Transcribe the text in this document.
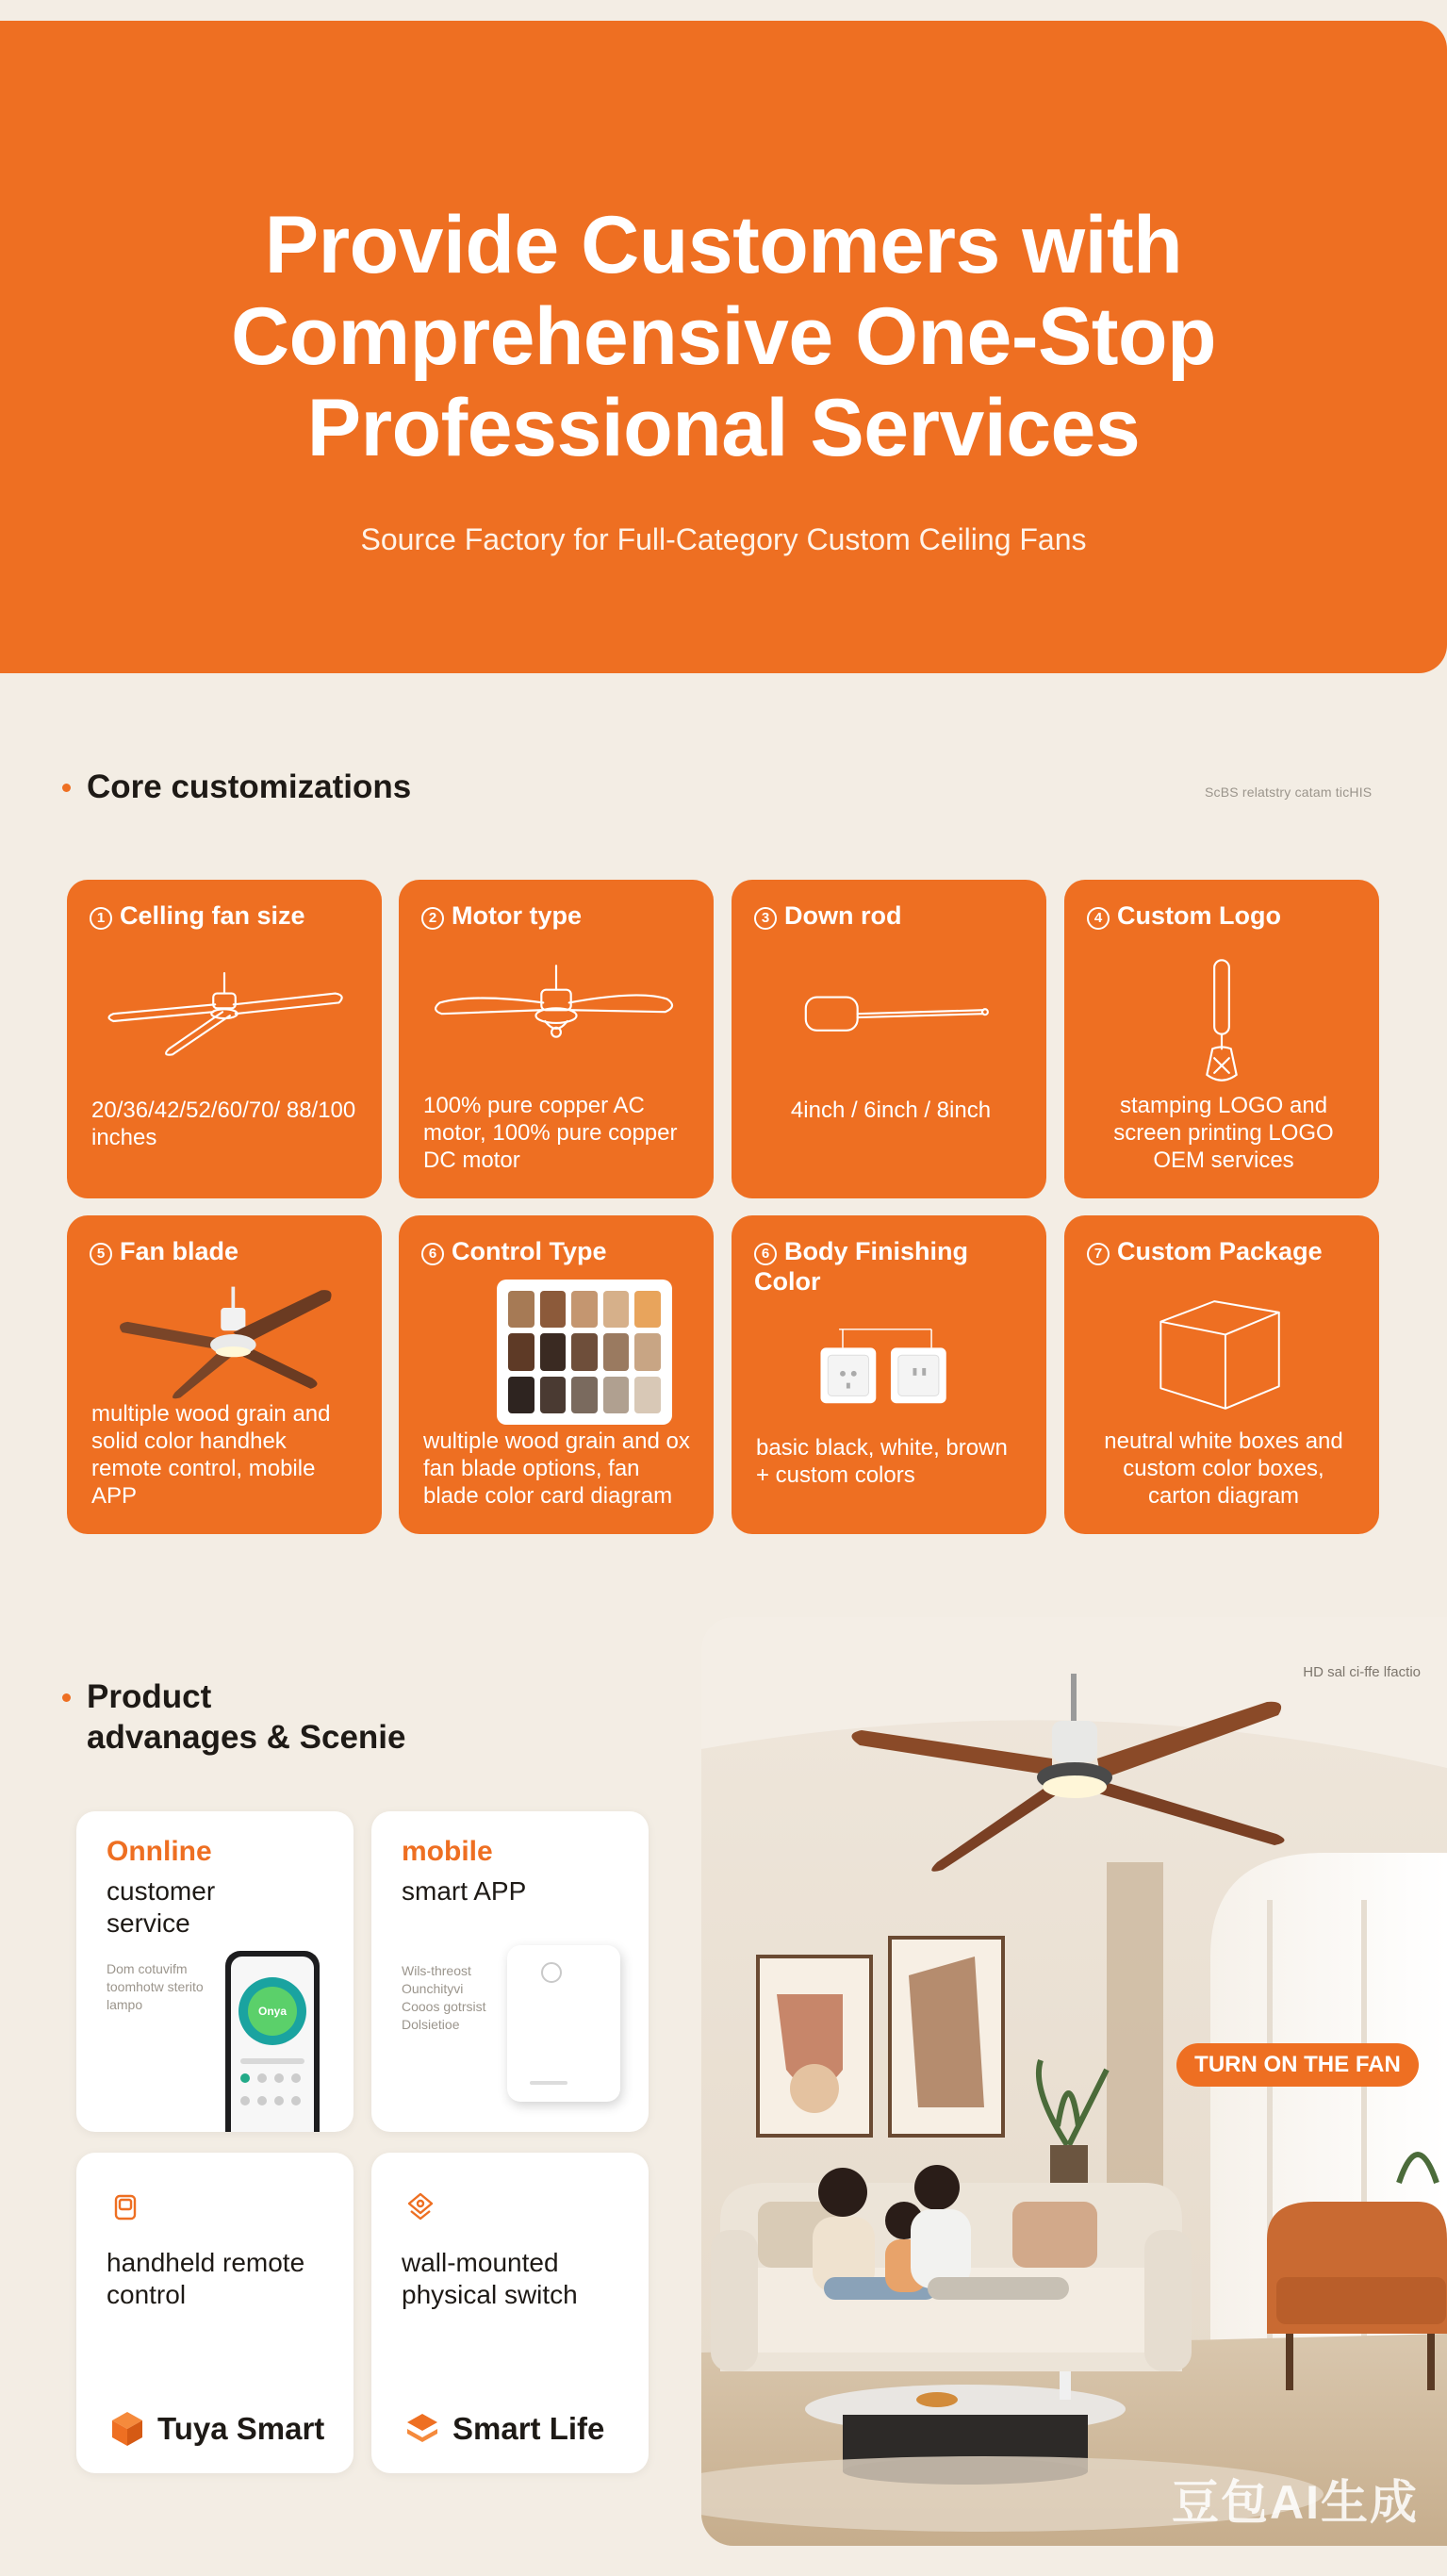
Provide Customers with
Comprehensive One-Stop
Professional Services
Source Factory for Full-Category Custom Ceiling Fans
Core customizations	ScBS relatstry catam ticHIS
1 Celling fan size
20/36/42/52/60/70/ 88/100 inches
2 Motor type
100% pure copper AC motor, 100% pure copper DC motor
3 Down rod
4inch / 6inch / 8inch
4 Custom Logo
stamping LOGO and screen printing LOGO OEM services
5 Fan blade
multiple wood grain and solid color handhek remote control, mobile APP
6 Control Type
wultiple wood grain and ox fan blade options, fan blade color card diagram
6 Body Finishing Color
basic black, white, brown + custom colors
7 Custom Package
neutral white boxes and custom color boxes, carton diagram
Product
advanages & Scenie
Onnline
customer
service
Dom cotuvifm
toomhotw sterito
lampo	Onya
mobile
smart APP
Wils-threost
Ounchityvi
Cooos gotrsist
Dolsietioe
handheld remote
control
Tuya Smart
wall-mounted
physical switch
Smart Life
HD sal ci-ffe lfactio
TURN ON THE FAN
豆包AI生成
